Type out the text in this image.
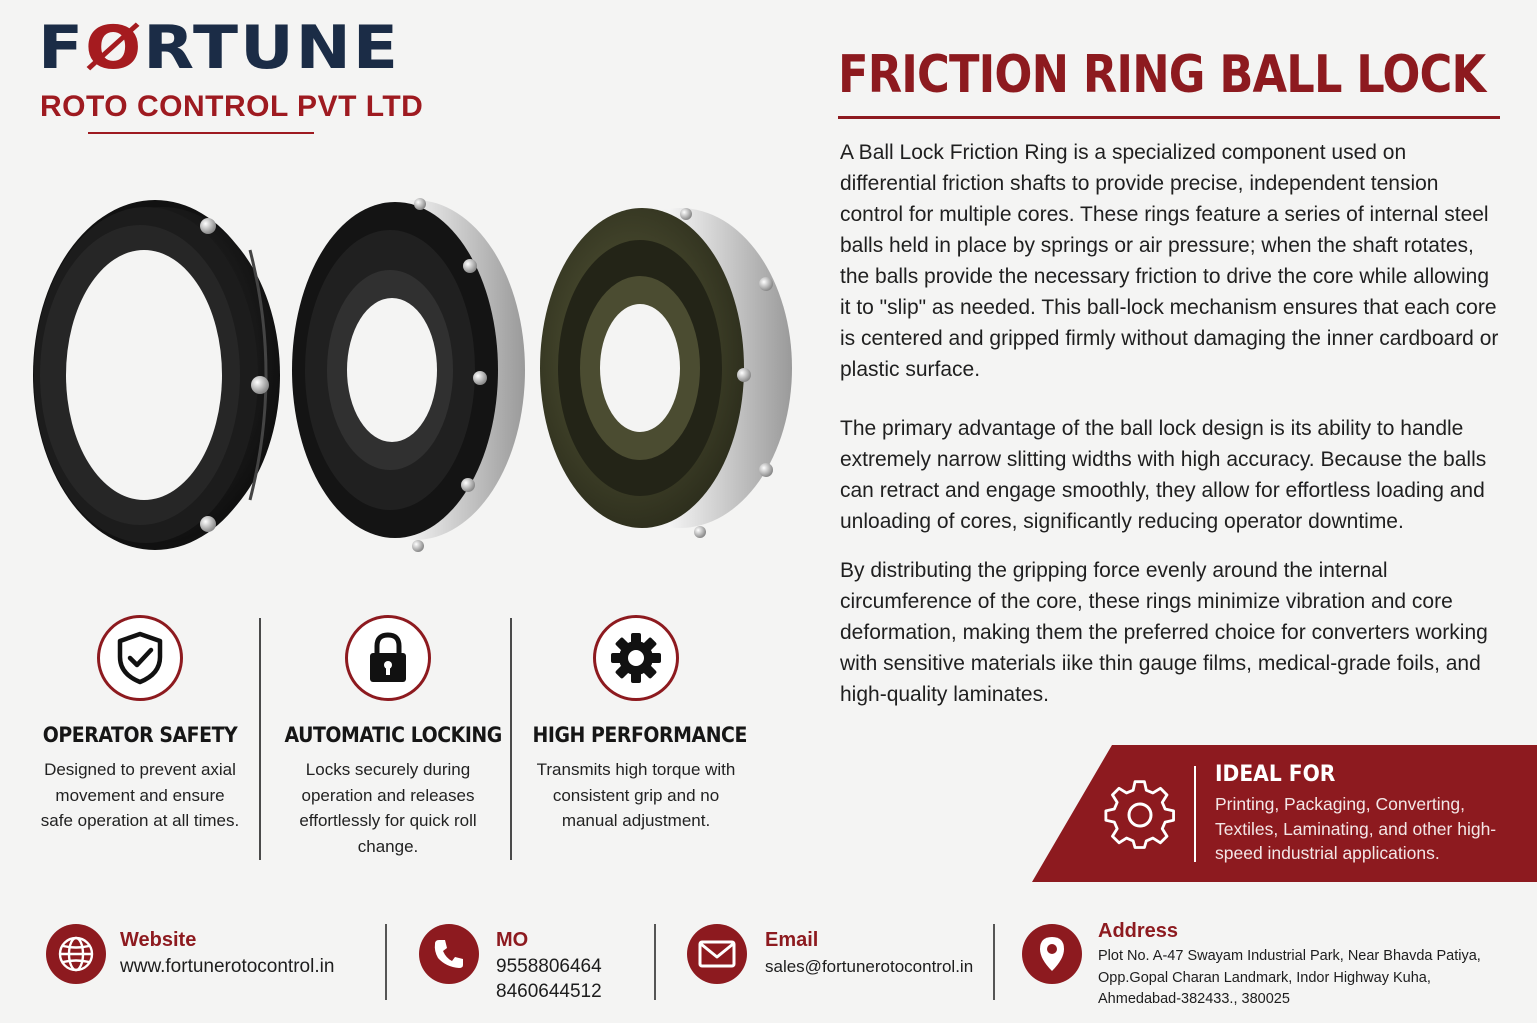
FØRTUNE
ROTO CONTROL PVT LTD
FRICTION RING BALL LOCK

A Ball Lock Friction Ring is a specialized component used on differential friction shafts to provide precise, independent tension control for multiple cores. These rings feature a series of internal steel balls held in place by springs or air pressure; when the shaft rotates, the balls provide the necessary friction to drive the core while allowing it to "slip" as needed. This ball-lock mechanism ensures that each core is centered and gripped firmly without damaging the inner cardboard or plastic surface.

The primary advantage of the ball lock design is its ability to handle extremely narrow slitting widths with high accuracy. Because the balls can retract and engage smoothly, they allow for effortless loading and unloading of cores, significantly reducing operator downtime.

By distributing the gripping force evenly around the internal circumference of the core, these rings minimize vibration and core deformation, making them the preferred choice for converters working with sensitive materials iike thin gauge films, medical-grade foils, and high-quality laminates.

OPERATOR SAFETY

Designed to prevent axial movement and ensure safe operation at all times.

AUTOMATIC LOCKING

Locks securely during operation and releases effortlessly for quick roll change.

HIGH PERFORMANCE

Transmits high torque with consistent grip and no manual adjustment.

IDEAL FOR
Printing, Packaging, Converting, Textiles, Laminating, and other high-speed industrial applications.
Website
www.fortunerotocontrol.in
MO
9558806464
8460644512
Email
sales@fortunerotocontrol.in
Address
Plot No. A-47 Swayam Industrial Park, Near Bhavda Patiya,
Opp.Gopal Charan Landmark, Indor Highway Kuha,
Ahmedabad-382433., 380025
